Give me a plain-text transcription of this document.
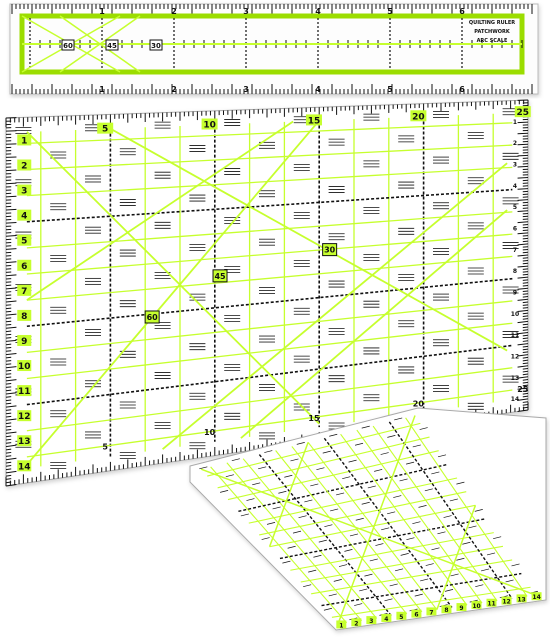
60	45	30
QUILTING RULER
PATCHWORK
ARC SCALE
1
1
2
2
3
3
4
4
5
5
6
6
60
45
30
1
2
3
4
5
6
7
8
9
10
11
12
13
14
1
2
3
4
5
6
7
8
9
10
11
12
13
14
5	10	15	20	25
5
10
15
20
25
1 2 3 4 5 6 7 8 9 10 11 12 13 14
